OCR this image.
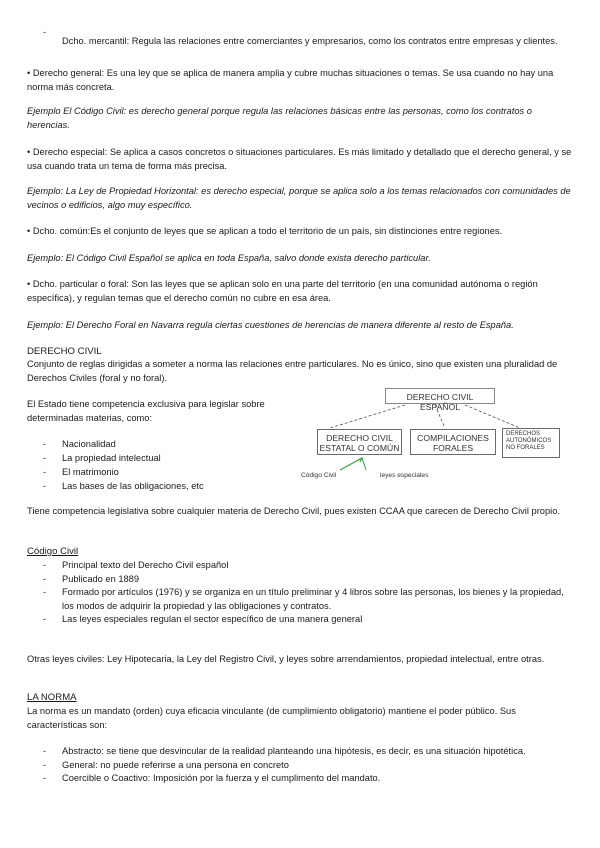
-

Dcho. mercantil: Regula las relaciones entre comerciantes y empresarios, como los contratos entre empresas y clientes.

• Derecho general: Es una ley que se aplica de manera amplia y cubre muchas situaciones o temas. Se usa cuando no hay una norma más concreta.

Ejemplo El Código Civil: es derecho general porque regula las relaciones básicas entre las personas, como los contratos o herencias.

• Derecho especial: Se aplica a casos concretos o situaciones particulares. Es más limitado y detallado que el derecho general, y se usa cuando trata un tema de forma más precisa.

Ejemplo: La Ley de Propiedad Horizontal: es derecho especial, porque se aplica solo a los temas relacionados con comunidades de vecinos o edificios, algo muy específico.

• Dcho. común:Es el conjunto de leyes que se aplican a todo el territorio de un país, sin distinciones entre regiones.

Ejemplo: El Código Civil Español se aplica en toda España, salvo donde exista derecho particular.

• Dcho. particular o foral: Son las leyes que se aplican solo en una parte del territorio (en una comunidad autónoma o región específica), y regulan temas que el derecho común no cubre en esa área.

Ejemplo: El Derecho Foral en Navarra regula ciertas cuestiones de herencias de manera diferente al resto de España.

DERECHO CIVIL

Conjunto de reglas dirigidas a someter a norma las relaciones entre particulares. No es único, sino que existen una pluralidad de Derechos Civiles (foral y no foral).

El Estado tiene competencia exclusiva para legislar sobre determinadas materias, como:

- Nacionalidad
- La propiedad intelectual
- El matrimonio
- Las bases de las obligaciones, etc
DERECHO CIVIL ESPAÑOL
DERECHO CIVIL ESTATAL O COMÚN
COMPILACIONES FORALES
DERECHOS AUTONÓMICOS NO FORALES
Código Civil	leyes especiales

Tiene competencia legislativa sobre cualquier materia de Derecho Civil, pues existen CCAA que carecen de Derecho Civil propio.

Código Civil
- Principal texto del Derecho Civil español
- Publicado en 1889
- Formado por artículos (1976) y se organiza en un título preliminar y 4 libros sobre las personas, los bienes y la propiedad, los modos de adquirir la propiedad y las obligaciones y contratos.
- Las leyes especiales regulan el sector específico de una manera general

Otras leyes civiles: Ley Hipotecaria, la Ley del Registro Civil, y leyes sobre arrendamientos, propiedad intelectual, entre otras.

LA NORMA

La norma es un mandato (orden) cuya eficacia vinculante (de cumplimiento obligatorio) mantiene el poder público. Sus características son:

- Abstracto: se tiene que desvincular de la realidad planteando una hipótesis, es decir, es una situación hipotética.
- General: no puede referirse a una persona en concreto
- Coercible o Coactivo: Imposición por la fuerza y el cumplimento del mandato.
